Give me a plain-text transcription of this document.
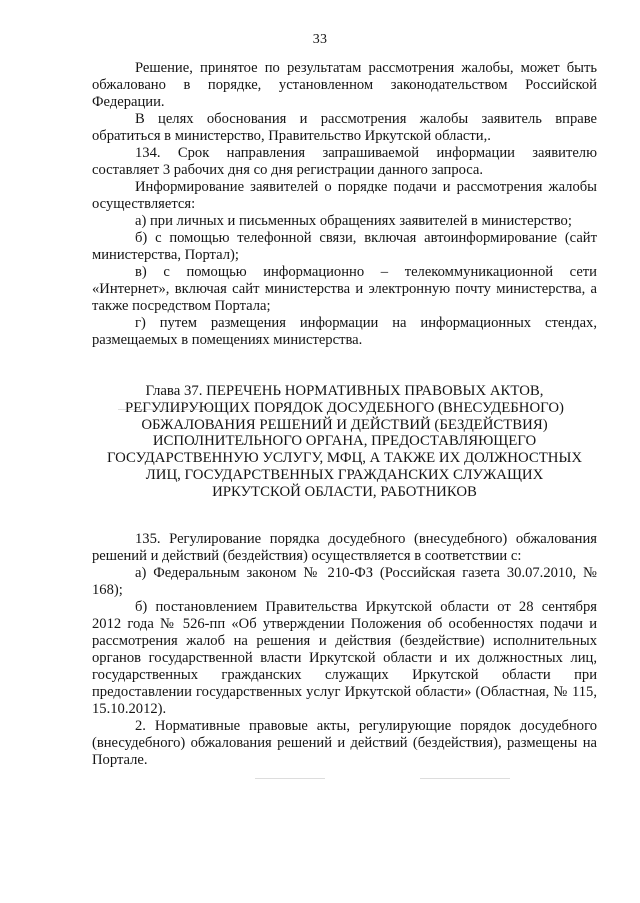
33

Решение, принятое по результатам рассмотрения жалобы, может быть обжаловано в порядке, установленном законодательством Российской Федерации.

В целях обоснования и рассмотрения жалобы заявитель вправе обратиться в министерство, Правительство Иркутской области,.

134. Срок направления запрашиваемой информации заявителю составляет 3 рабочих дня со дня регистрации данного запроса.

Информирование заявителей о порядке подачи и рассмотрения жалобы осуществляется:

а) при личных и письменных обращениях заявителей в министерство;

б) с помощью телефонной связи, включая автоинформирование (сайт министерства, Портал);

в) с помощью информационно – телекоммуникационной сети «Интернет», включая сайт министерства и электронную почту министерства, а также посредством Портала;

г) путем размещения информации на информационных стендах, размещаемых в помещениях министерства.

Глава 37. ПЕРЕЧЕНЬ НОРМАТИВНЫХ ПРАВОВЫХ АКТОВ,
РЕГУЛИРУЮЩИХ ПОРЯДОК ДОСУДЕБНОГО (ВНЕСУДЕБНОГО)
ОБЖАЛОВАНИЯ РЕШЕНИЙ И ДЕЙСТВИЙ (БЕЗДЕЙСТВИЯ)
ИСПОЛНИТЕЛЬНОГО ОРГАНА, ПРЕДОСТАВЛЯЮЩЕГО
ГОСУДАРСТВЕННУЮ УСЛУГУ, МФЦ, А ТАКЖЕ ИХ ДОЛЖНОСТНЫХ
ЛИЦ, ГОСУДАРСТВЕННЫХ ГРАЖДАНСКИХ СЛУЖАЩИХ
ИРКУТСКОЙ ОБЛАСТИ, РАБОТНИКОВ

135. Регулирование порядка досудебного (внесудебного) обжалования решений и действий (бездействия) осуществляется в соответствии с:

а) Федеральным законом № 210-ФЗ (Российская газета 30.07.2010, № 168);

б) постановлением Правительства Иркутской области от 28 сентября 2012 года № 526-пп «Об утверждении Положения об особенностях подачи и рассмотрения жалоб на решения и действия (бездействие) исполнительных органов государственной власти Иркутской области и их должностных лиц, государственных гражданских служащих Иркутской области при предоставлении государственных услуг Иркутской области» (Областная, № 115, 15.10.2012).

2. Нормативные правовые акты, регулирующие порядок досудебного (внесудебного) обжалования решений и действий (бездействия), размещены на Портале.
